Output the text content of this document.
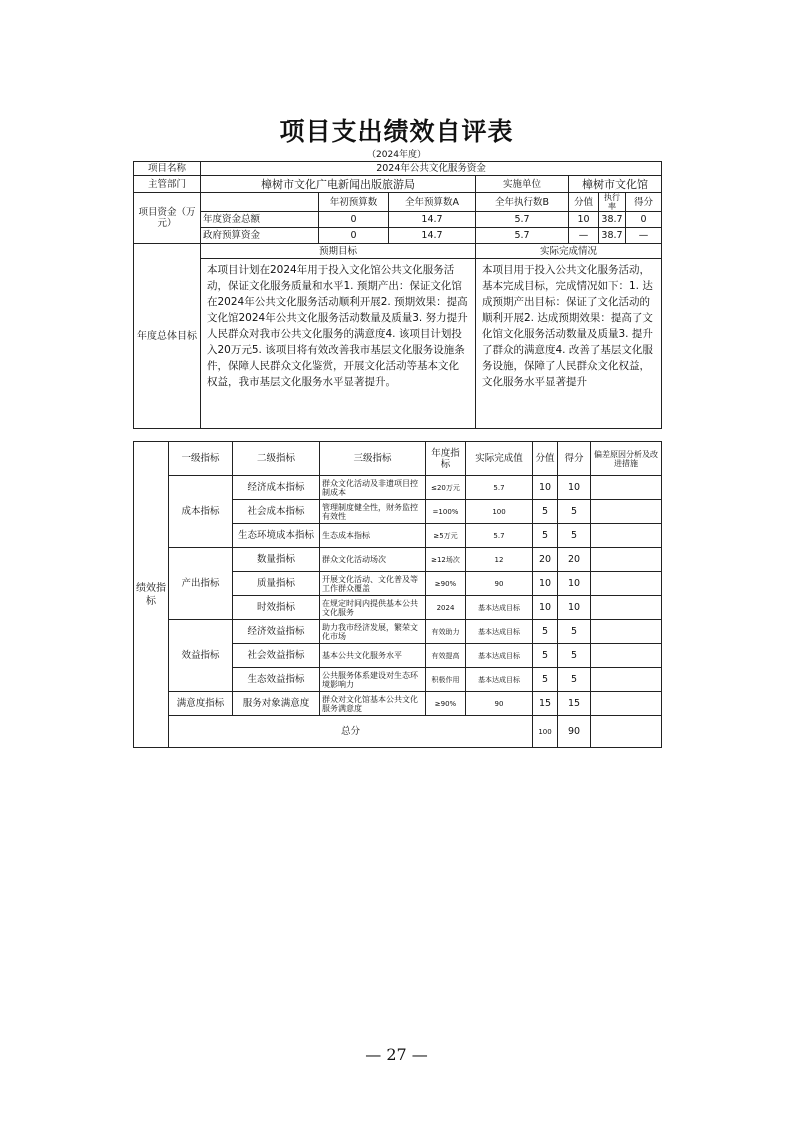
项目支出绩效自评表
（2024年度）
项目名称	2024年公共文化服务资金						
主管部门	樟树市文化广电新闻出版旅游局			实施单位	樟树市文化馆		
项目资金（万元）		年初预算数	全年预算数A	全年执行数B	分值	执行率	得分
	年度资金总额	0	14.7	5.7	10	38.7	0
	政府预算资金	0	14.7	5.7	—	38.7	—
年度总体目标	预期目标			实际完成情况			
	本项目计划在2024年用于投入文化馆公共文化服务活动，保证文化服务质量和水平1. 预期产出：保证文化馆在2024年公共文化服务活动顺利开展2. 预期效果：提高文化馆2024年公共文化服务活动数量及质量3. 努力提升人民群众对我市公共文化服务的满意度4. 该项目计划投入20万元5. 该项目将有效改善我市基层文化服务设施条件，保障人民群众文化鉴赏，开展文化活动等基本文化权益，我市基层文化服务水平显著提升。			本项目用于投入公共文化服务活动，基本完成目标，完成情况如下：1. 达成预期产出目标：保证了文化活动的顺利开展2. 达成预期效果：提高了文化馆文化服务活动数量及质量3. 提升了群众的满意度4. 改善了基层文化服务设施，保障了人民群众文化权益，文化服务水平显著提升			
绩效指标	一级指标	二级指标	三级指标	年度指标	实际完成值	分值	得分	偏差原因分析及改进措施
	成本指标	经济成本指标	群众文化活动及非遗项目控制成本	≤20万元	5.7	10	10	
		社会成本指标	管理制度健全性，财务监控有效性	=100%	100	5	5	
		生态环境成本指标	生态成本指标	≥5万元	5.7	5	5	
	产出指标	数量指标	群众文化活动场次	≥12场次	12	20	20	
		质量指标	开展文化活动、文化普及等工作群众覆盖	≥90%	90	10	10	
		时效指标	在规定时间内提供基本公共文化服务	2024	基本达成目标	10	10	
	效益指标	经济效益指标	助力我市经济发展，繁荣文化市场	有效助力	基本达成目标	5	5	
		社会效益指标	基本公共文化服务水平	有效提高	基本达成目标	5	5	
		生态效益指标	公共服务体系建设对生态环境影响力	积极作用	基本达成目标	5	5	
	满意度指标	服务对象满意度	群众对文化馆基本公共文化服务满意度	≥90%	90	15	15	
	总分					100	90	
— 27 —
